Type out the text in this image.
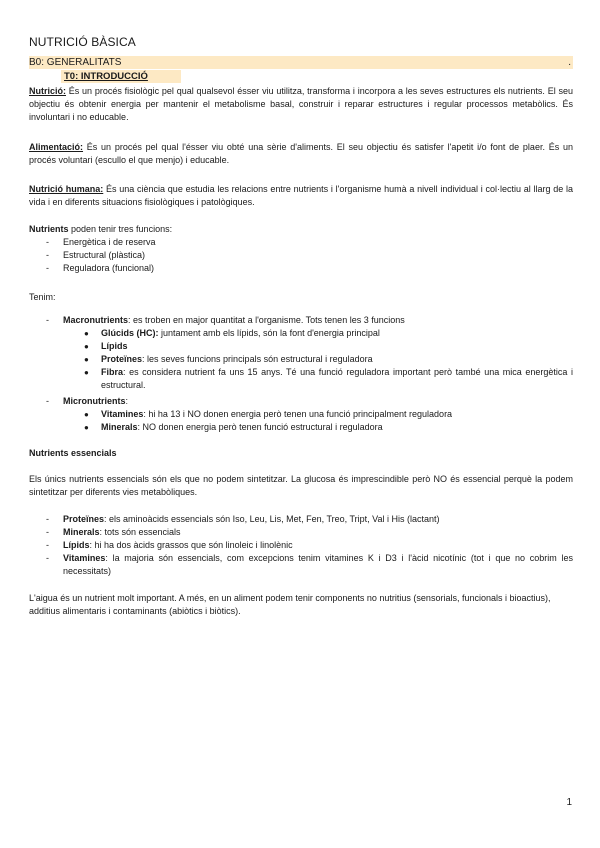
NUTRICIÓ BÀSICA
B0: GENERALITATS	.
T0: INTRODUCCIÓ

Nutrició: És un procés fisiològic pel qual qualsevol ésser viu utilitza, transforma i incorpora a les seves estructures els nutrients. El seu objectiu és obtenir energia per mantenir el metabolisme basal, construir i reparar estructures i regular processos metabòlics. És involuntari i no educable.

Alimentació: És un procés pel qual l'ésser viu obté una sèrie d'aliments. El seu objectiu és satisfer l'apetit i/o font de plaer. És un procés voluntari (escullo el que menjo) i educable.

Nutrició humana: És una ciència que estudia les relacions entre nutrients i l'organisme humà a nivell individual i col·lectiu al llarg de la vida i en diferents situacions fisiològiques i patològiques.

Nutrients poden tenir tres funcions:

- Energètica i de reserva
- Estructural (plàstica)
- Reguladora (funcional)

Tenim:

- Macronutrients: es troben en major quantitat a l'organisme. Tots tenen les 3 funcions
● Glúcids (HC): juntament amb els lípids, són la font d'energia principal
● Lípids
● Proteïnes: les seves funcions principals són estructural i reguladora
● Fibra: es considera nutrient fa uns 15 anys. Té una funció reguladora important però també una mica energètica i estructural.
- Micronutrients:
● Vitamines: hi ha 13 i NO donen energia però tenen una funció principalment reguladora
● Minerals: NO donen energia però tenen funció estructural i reguladora

Nutrients essencials

Els únics nutrients essencials són els que no podem sintetitzar. La glucosa és imprescindible però NO és essencial perquè la podem sintetitzar per diferents vies metabòliques.

- Proteïnes: els aminoàcids essencials són Iso, Leu, Lis, Met, Fen, Treo, Tript, Val i His (lactant)
- Minerals: tots són essencials
- Lípids: hi ha dos àcids grassos que són linoleic i linolènic
- Vitamines: la majoria són essencials, com excepcions tenim vitamines K i D3 i l'àcid nicotínic (tot i que no cobrim les necessitats)

L'aigua és un nutrient molt important. A més, en un aliment podem tenir components no nutritius (sensorials, funcionals i bioactius), additius alimentaris i contaminants (abiòtics i biòtics).

1
